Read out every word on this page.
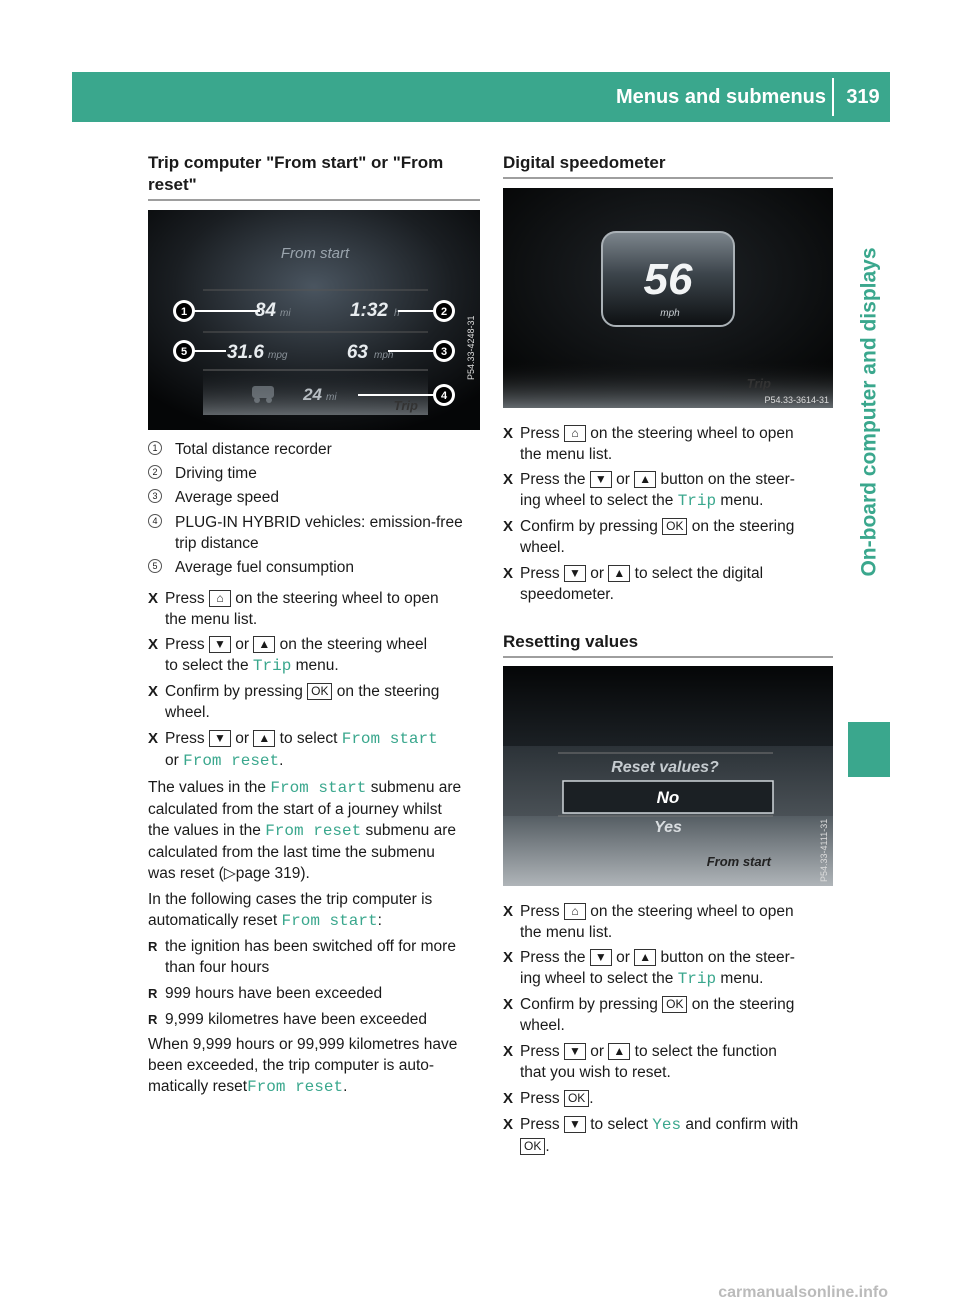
Menus and submenus	319
On-board computer and displays
Trip computer "From start" or "From
reset"
From start
84 mi	1:32 h
31.6 mpg	63 mph
24 mi
Trip
1	2
3
4
5	P54.33-4248-31
1 Total distance recorder
2 Driving time
3 Average speed
4 PLUG-IN HYBRID vehicles: emission-free
trip distance
5 Average fuel consumption
X Press ⌂ on the steering wheel to open
the menu list.
X Press ▼ or ▲ on the steering wheel
to select the Trip menu.
X Confirm by pressing OK on the steering
wheel.
X Press ▼ or ▲ to select From start
or From reset.
The values in the From start submenu are
calculated from the start of a journey whilst
the values in the From reset submenu are
calculated from the last time the submenu
was reset (▷page 319).
In the following cases the trip computer is
automatically reset From start:
R the ignition has been switched off for more
than four hours
R 999 hours have been exceeded
R 9,999 kilometres have been exceeded
When 9,999 hours or 99,999 kilometres have
been exceeded, the trip computer is auto-
matically resetFrom reset.
Digital speedometer
56
mph
Trip
P54.33-3614-31
X Press ⌂ on the steering wheel to open
the menu list.
X Press the ▼ or ▲ button on the steer-
ing wheel to select the Trip menu.
X Confirm by pressing OK on the steering
wheel.
X Press ▼ or ▲ to select the digital
speedometer.
Resetting values
Reset values?
No
Yes
From start	P54.33-4111-31
X Press ⌂ on the steering wheel to open
the menu list.
X Press the ▼ or ▲ button on the steer-
ing wheel to select the Trip menu.
X Confirm by pressing OK on the steering
wheel.
X Press ▼ or ▲ to select the function
that you wish to reset.
X Press OK .
X Press ▼ to select Yes and confirm with
OK .
carmanualsonline.info
